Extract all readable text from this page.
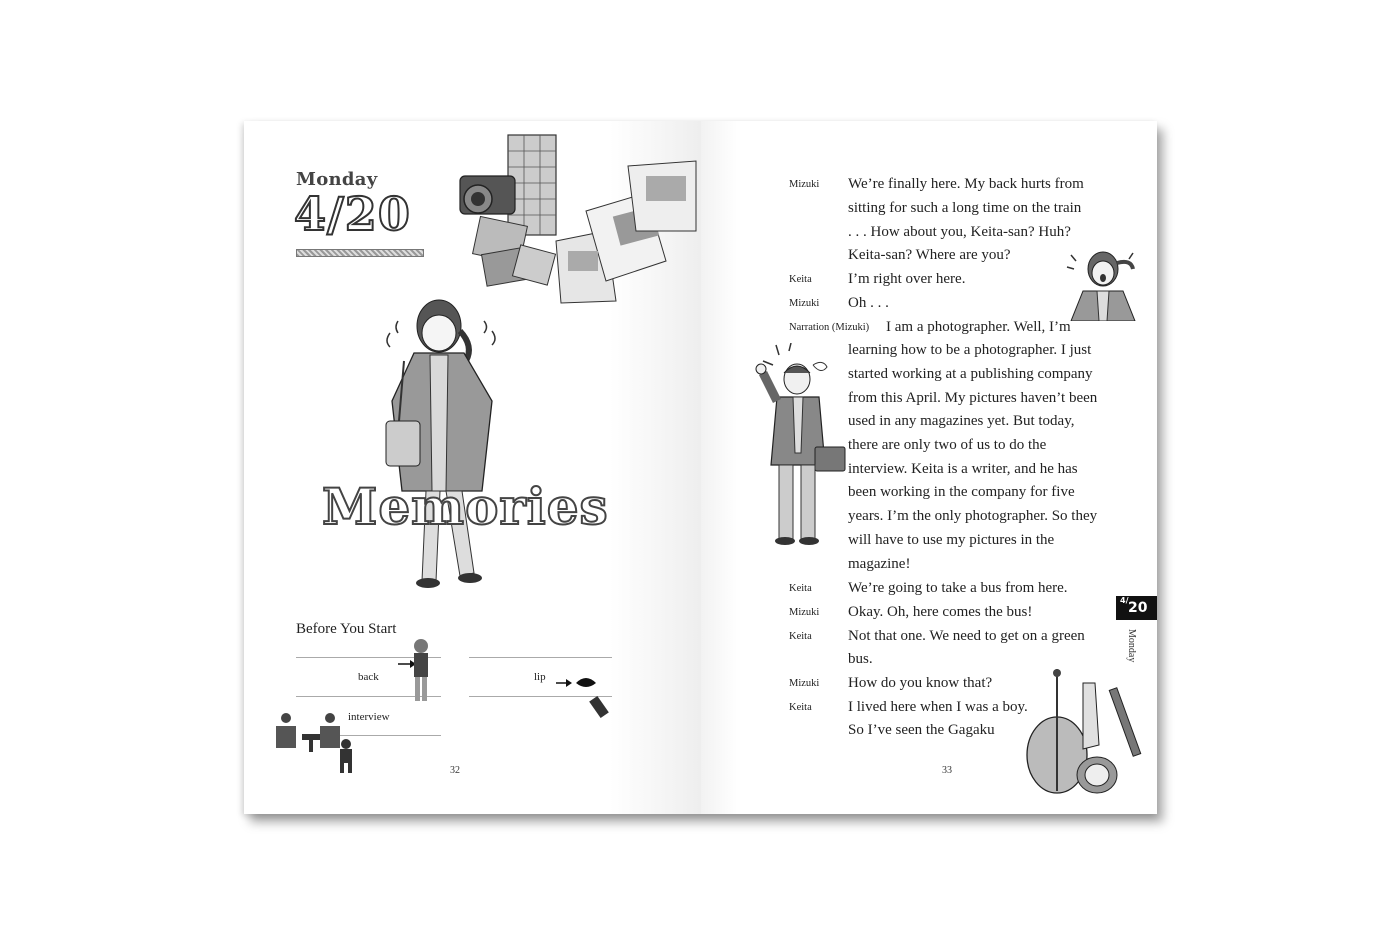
Monday
4/20
Memories
Before You Start
back	lip
interview
32
Mizuki We’re finally here. My back hurts from
sitting for such a long time on the train
. . . How about you, Keita-san? Huh?
Keita-san? Where are you?
Keita I’m right over here.
Mizuki Oh . . .
Narration (Mizuki) I am a photographer. Well, I’m
learning how to be a photographer. I just
started working at a publishing company
from this April. My pictures haven’t been
used in any magazines yet. But today,
there are only two of us to do the
interview. Keita is a writer, and he has
been working in the company for five
years. I’m the only photographer. So they
will have to use my pictures in the
magazine!
Keita We’re going to take a bus from here.
Mizuki Okay. Oh, here comes the bus!
Keita Not that one. We need to get on a green
bus.
Mizuki How do you know that?
Keita I lived here when I was a boy.
So I’ve seen the Gagaku
4/ 20
Monday
33
